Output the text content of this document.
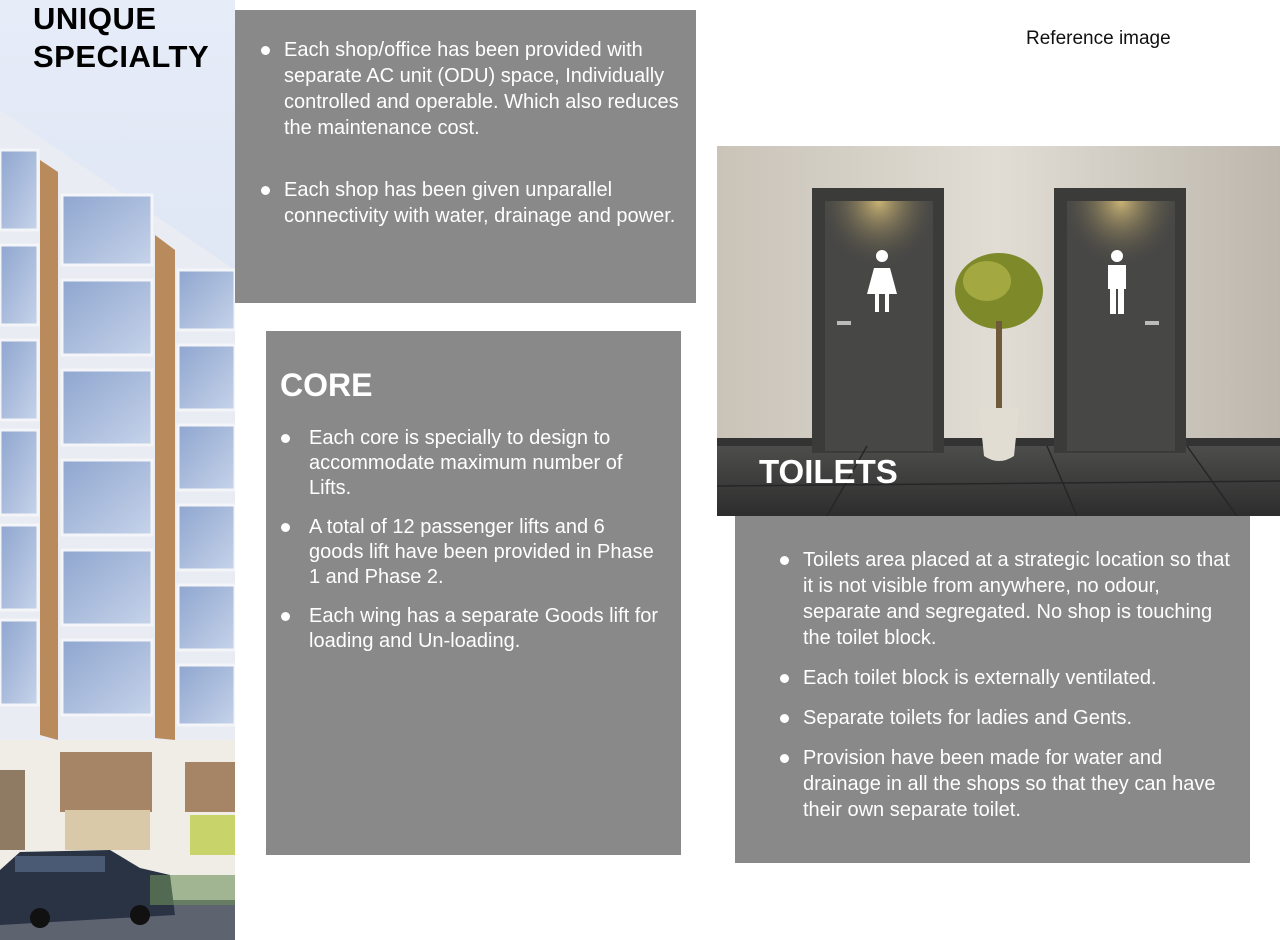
UNIQUE
SPECIALTY	Each shop/office has been provided with separate AC unit (ODU) space, Individually controlled and operable. Which also reduces the maintenance cost.
Each shop has been given unparallel connectivity with water, drainage and power.
CORE
Each core is specially to design to accommodate maximum number of Lifts.
A total of 12 passenger lifts and 6 goods lift have been provided in Phase 1 and Phase 2.
Each wing has a separate Goods lift for loading and Un-loading.

Reference image

TOILETS
Toilets area placed at a strategic location so that it is not visible from anywhere, no odour, separate and segregated. No shop is touching the toilet block.
Each toilet block is externally ventilated.
Separate toilets for ladies and Gents.
Provision have been made for water and drainage in all the shops so that they can have their own separate toilet.
